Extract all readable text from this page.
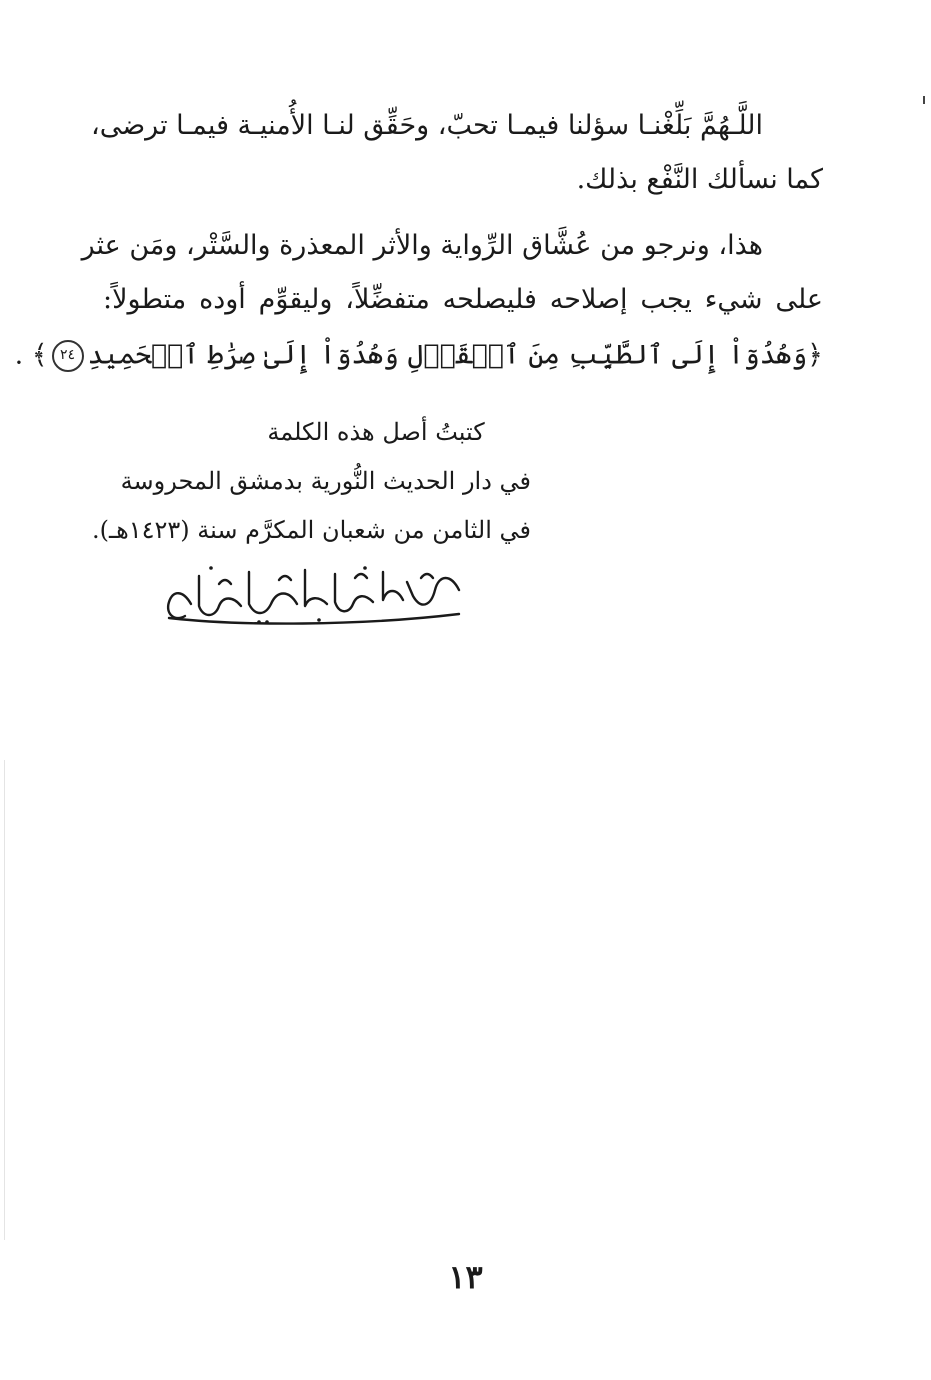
اللَّـهُمَّ بَلِّغْنـا سؤلنا فيمـا تحبّ، وحَقِّق لنـا الأُمنيـة فيمـا ترضى،
كما نسألك النَّفْع بذلك.
هذا، ونرجو من عُشَّاق الرِّواية والأثر المعذرة والسَّتْر، ومَن عثر
على شيء يجب إصلاحه فليصلحه متفضِّلاً، وليقوِّم أوده متطولاً:
﴿وَهُدُوٓاْ إِلَى ٱلطَّيِّبِ مِنَ ٱلۡقَوۡلِ وَهُدُوٓاْ إِلَىٰ صِرَٰطِ ٱلۡحَمِيدِ٢٤﴾ .
كتبتُ أصل هذه الكلمة
في دار الحديث النُّورية بدمشق المحروسة
في الثامن من شعبان المكرَّم سنة (١٤٢٣هـ).
١٣
